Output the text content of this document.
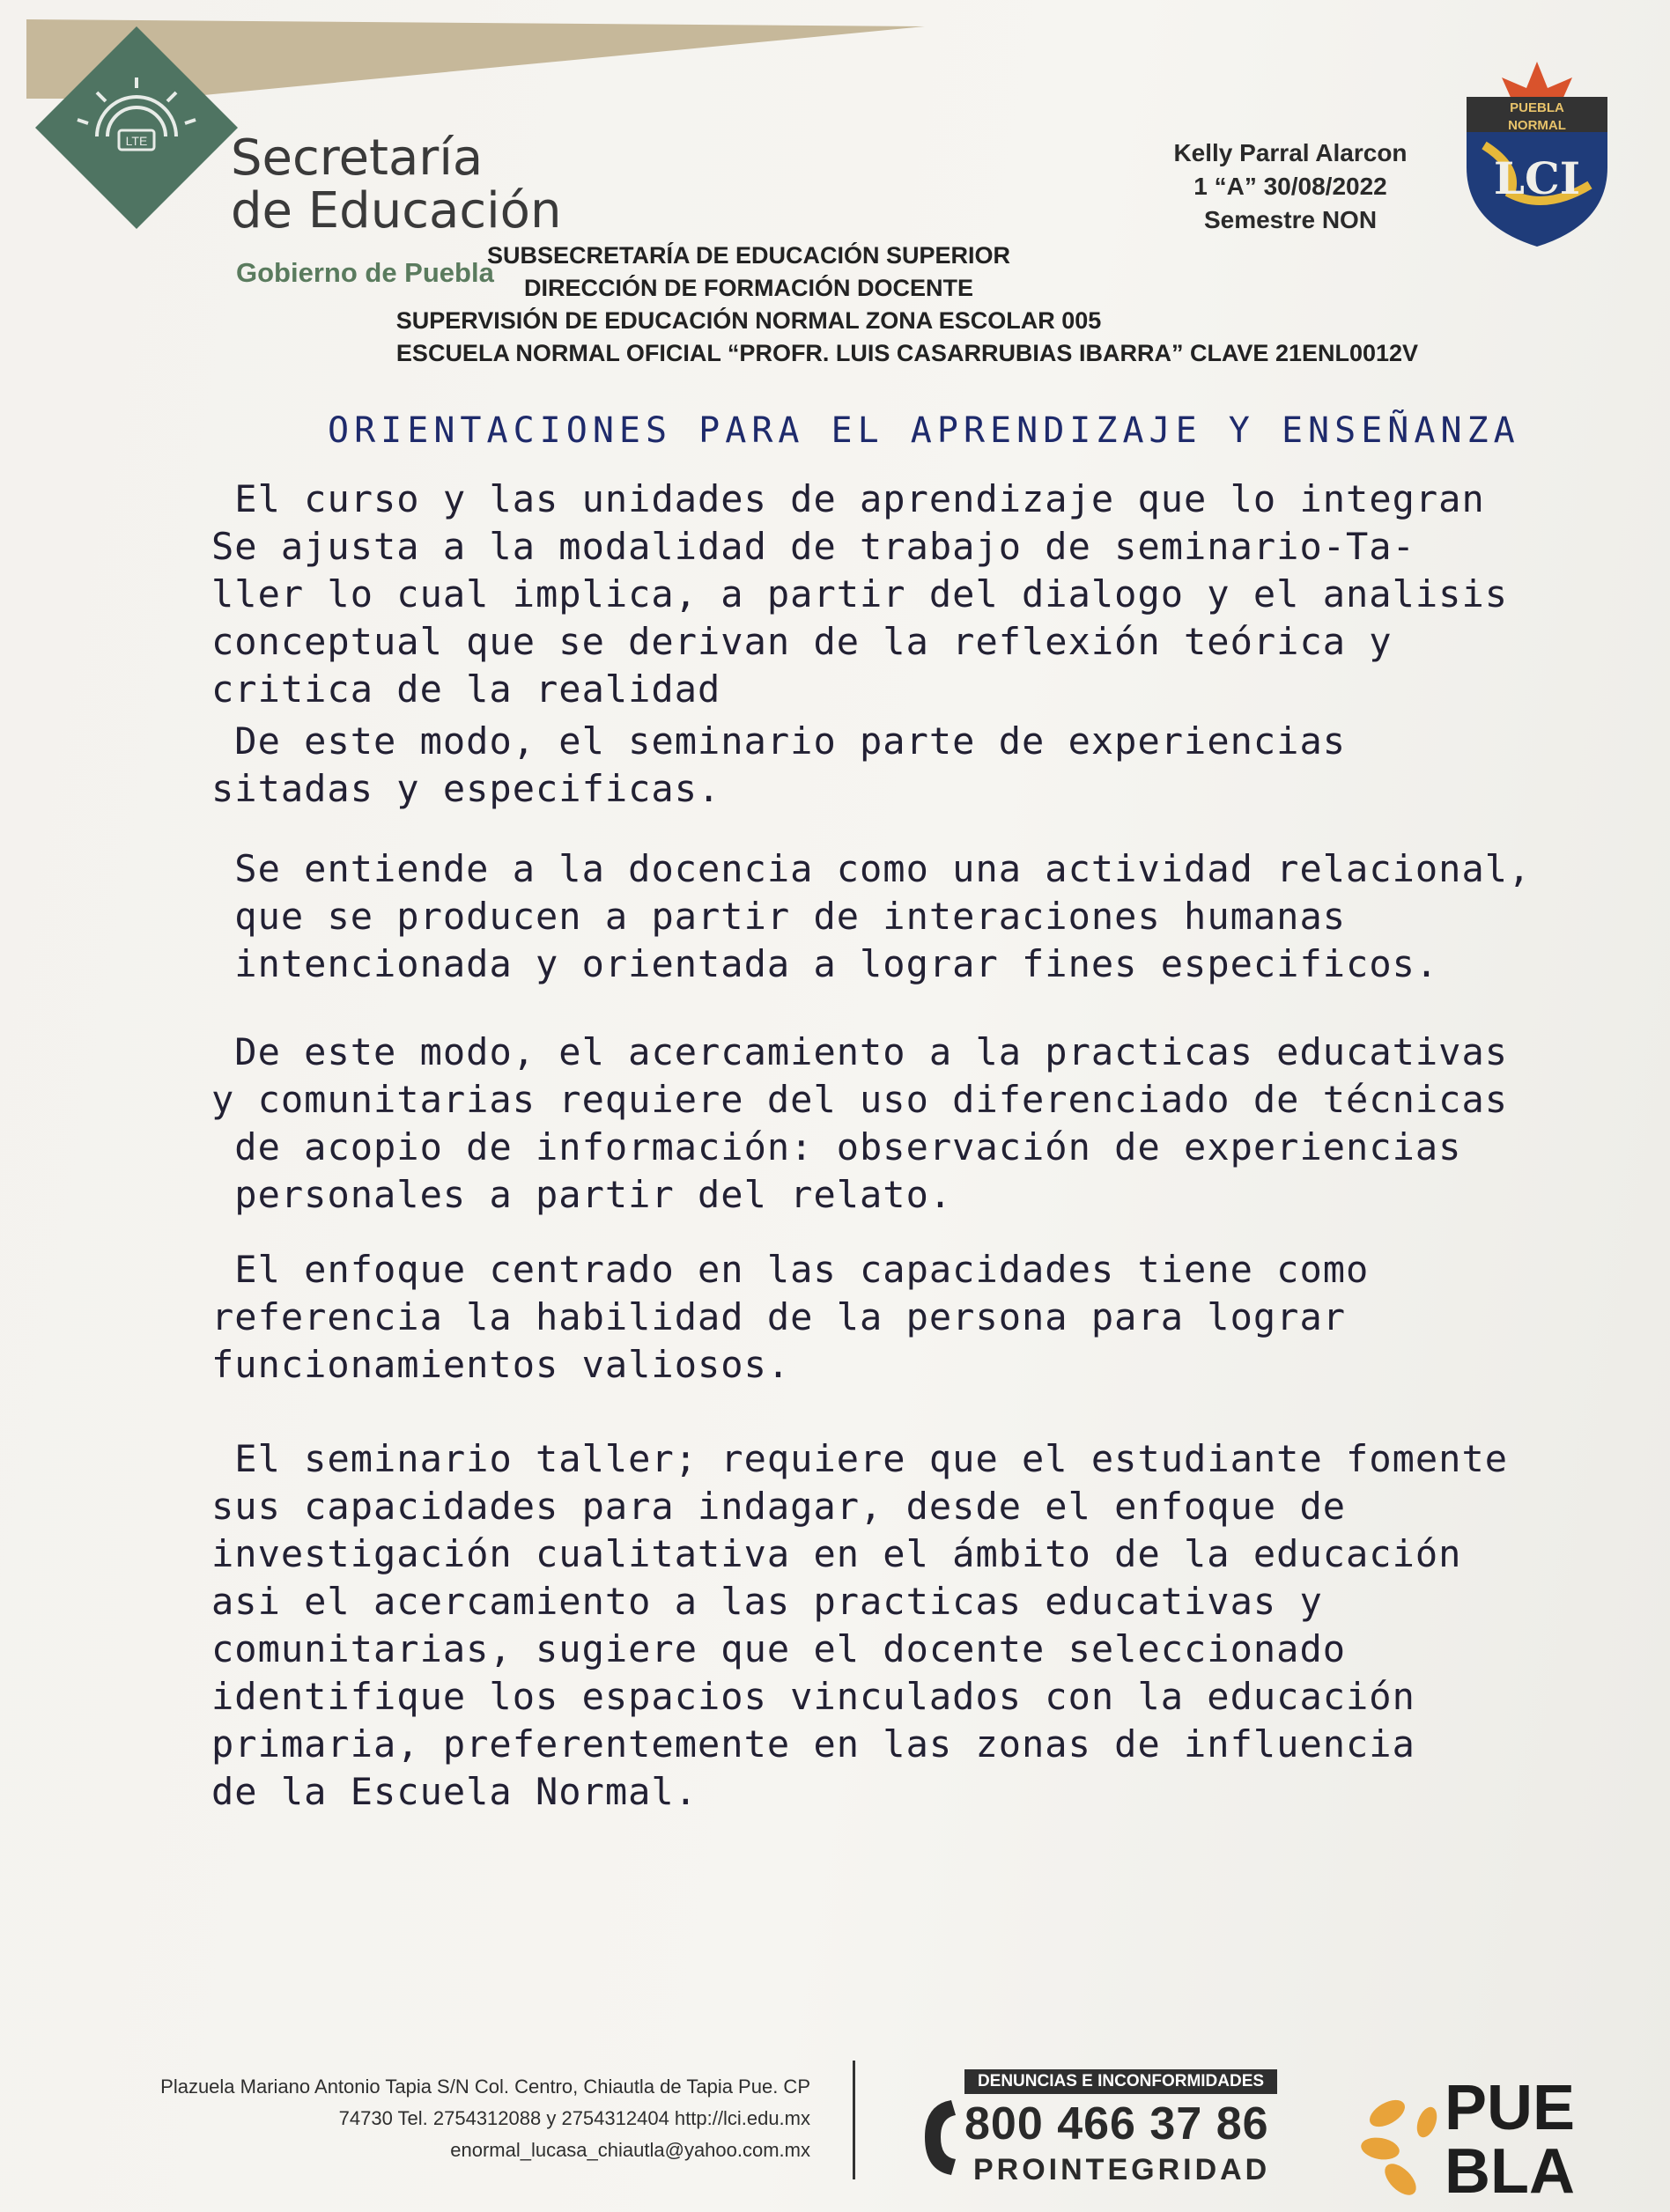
LTE Secretaría
de Educación
Gobierno de Puebla
Kelly Parral Alarcon
1 “A” 30/08/2022
Semestre NON
PUEBLA
NORMAL
LCI
SUBSECRETARÍA DE EDUCACIÓN SUPERIOR
DIRECCIÓN DE FORMACIÓN DOCENTE
SUPERVISIÓN DE EDUCACIÓN NORMAL ZONA ESCOLAR 005
ESCUELA NORMAL OFICIAL “PROFR. LUIS CASARRUBIAS IBARRA” CLAVE 21ENL0012V
ORIENTACIONES PARA EL APRENDIZAJE Y ENSEÑANZA
El curso y las unidades de aprendizaje que lo integran
Se ajusta a la modalidad de trabajo de seminario-Ta-
ller lo cual implica, a partir del dialogo y el analisis
conceptual que se derivan de la reflexión teórica y
critica de la realidad
De este modo, el seminario parte de experiencias
sitadas y especificas.
Se entiende a la docencia como una actividad relacional,
que se producen a partir de interaciones humanas
intencionada y orientada a lograr fines especificos.
De este modo, el acercamiento a la practicas educativas
y comunitarias requiere del uso diferenciado de técnicas
de acopio de información: observación de experiencias
personales a partir del relato.
El enfoque centrado en las capacidades tiene como
referencia la habilidad de la persona para lograr
funcionamientos valiosos.
El seminario taller; requiere que el estudiante fomente
sus capacidades para indagar, desde el enfoque de
investigación cualitativa en el ámbito de la educación
asi el acercamiento a las practicas educativas y
comunitarias, sugiere que el docente seleccionado
identifique los espacios vinculados con la educación
primaria, preferentemente en las zonas de influencia
de la Escuela Normal.
Plazuela Mariano Antonio Tapia S/N Col. Centro, Chiautla de Tapia Pue. CP
74730 Tel. 2754312088 y 2754312404 http://lci.edu.mx
enormal_lucasa_chiautla@yahoo.com.mx
DENUNCIAS E INCONFORMIDADES
800 466 37 86
PROINTEGRIDAD
PUE
BLA
